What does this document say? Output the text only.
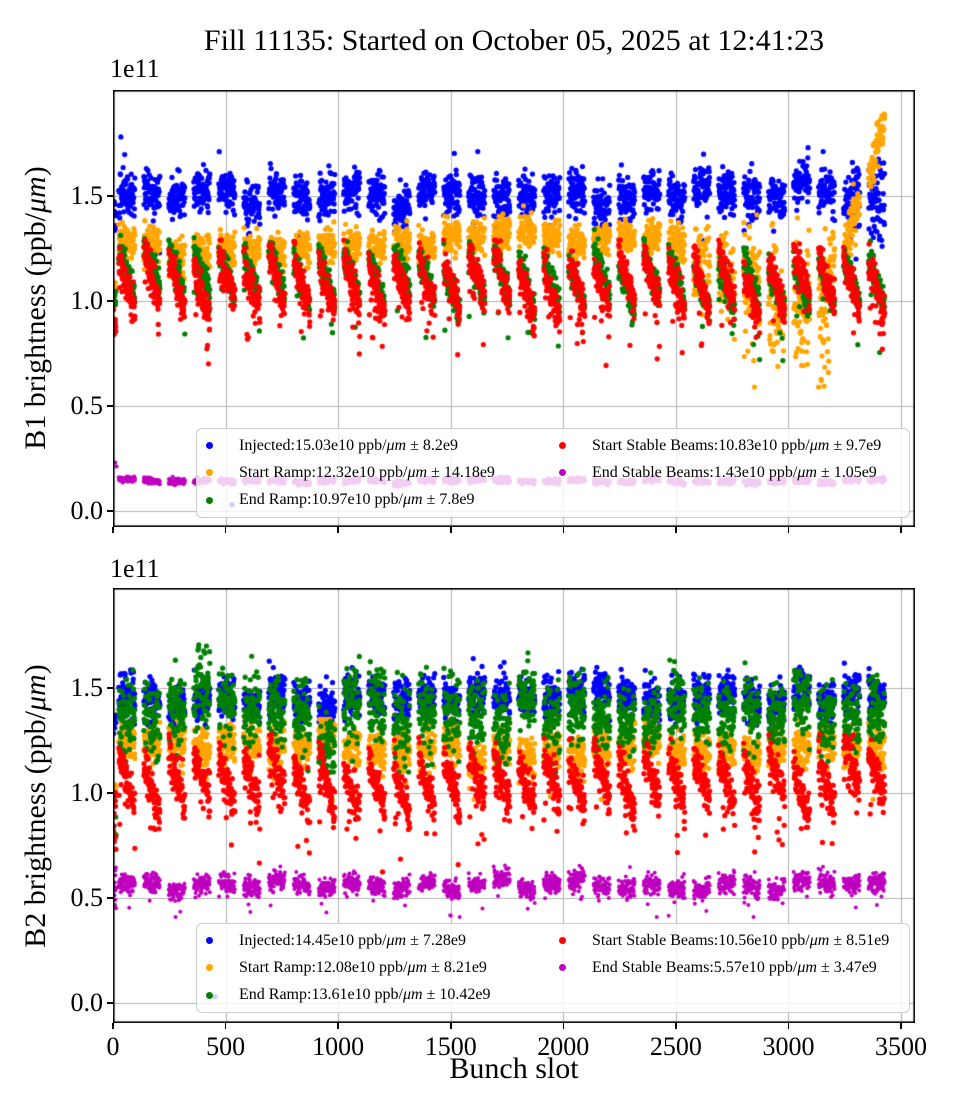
Fill 11135: Started on October 05, 2025 at 12:41:23
1e11
B1 brightness (ppb/μm)
Injected:15.03e10 ppb/μm ± 8.2e9
Start Ramp:12.32e10 ppb/μm ± 14.18e9
End Ramp:10.97e10 ppb/μm ± 7.8e9
Start Stable Beams:10.83e10 ppb/μm ± 9.7e9
End Stable Beams:1.43e10 ppb/μm ± 1.05e9
0.0
0.5
1.0
1.5
1e11
B2 brightness (ppb/μm)
Injected:14.45e10 ppb/μm ± 7.28e9
Start Ramp:12.08e10 ppb/μm ± 8.21e9
End Ramp:13.61e10 ppb/μm ± 10.42e9
Start Stable Beams:10.56e10 ppb/μm ± 8.51e9
End Stable Beams:5.57e10 ppb/μm ± 3.47e9
0	500	1000	1500	2000	2500	3000	3500
0.0
0.5
1.0
1.5
Bunch slot
